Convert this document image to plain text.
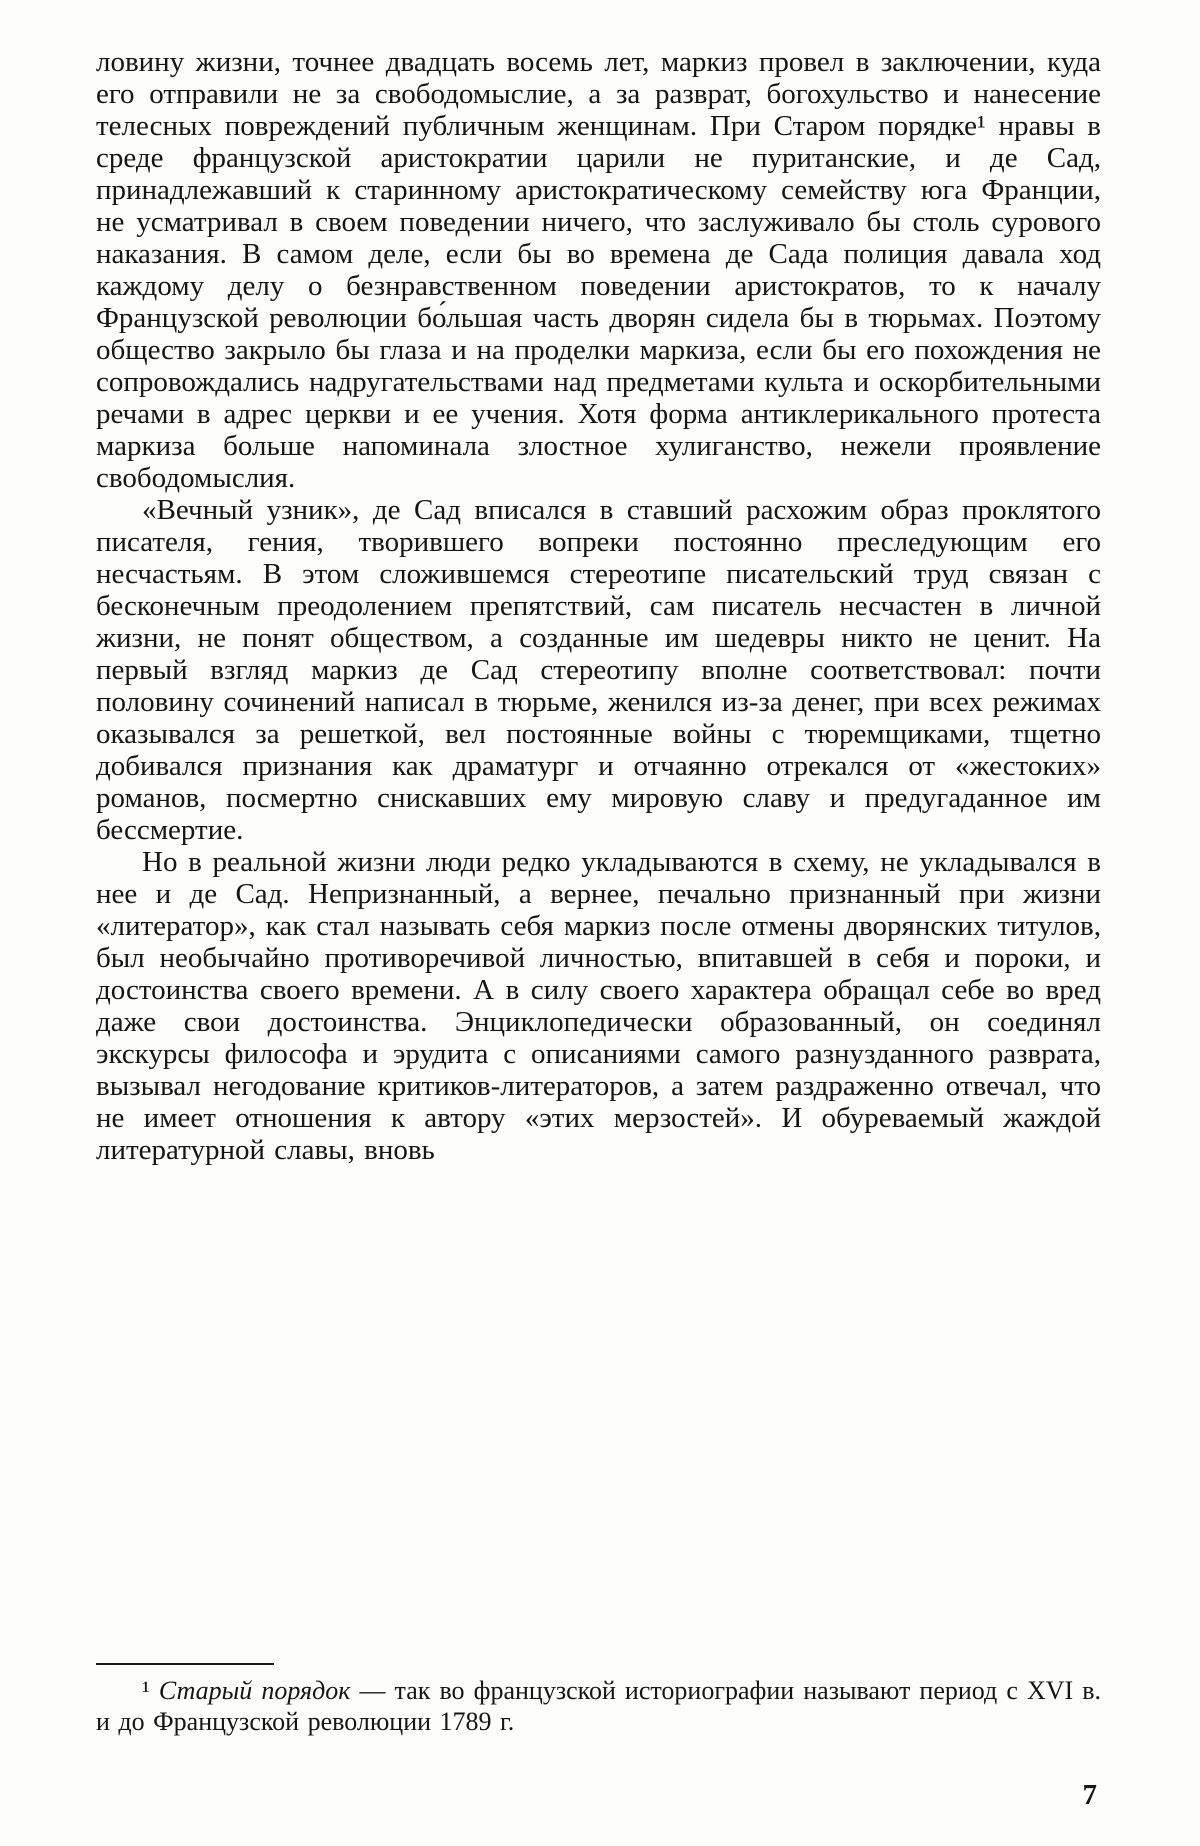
ловину жизни, точнее двадцать восемь лет, маркиз провел в заключении, куда его отправили не за свободомыслие, а за разврат, богохульство и нанесение телесных повреждений публичным женщинам. При Старом порядке¹ нравы в среде французской аристократии царили не пуританские, и де Сад, принадлежавший к старинному аристократическому семейству юга Франции, не усматривал в своем поведении ничего, что заслуживало бы столь сурового наказания. В самом деле, если бы во времена де Сада полиция давала ход каждому делу о безнравственном поведении аристократов, то к началу Французской революции бо́льшая часть дворян сидела бы в тюрьмах. Поэтому общество закрыло бы глаза и на проделки маркиза, если бы его похождения не сопровождались надругательствами над предметами культа и оскорбительными речами в адрес церкви и ее учения. Хотя форма антиклерикального протеста маркиза больше напоминала злостное хулиганство, нежели проявление свободомыслия.

«Вечный узник», де Сад вписался в ставший расхожим образ проклятого писателя, гения, творившего вопреки постоянно преследующим его несчастьям. В этом сложившемся стереотипе писательский труд связан с бесконечным преодолением препятствий, сам писатель несчастен в личной жизни, не понят обществом, а созданные им шедевры никто не ценит. На первый взгляд маркиз де Сад стереотипу вполне соответствовал: почти половину сочинений написал в тюрьме, женился из-за денег, при всех режимах оказывался за решеткой, вел постоянные войны с тюремщиками, тщетно добивался признания как драматург и отчаянно отрекался от «жестоких» романов, посмертно снискавших ему мировую славу и предугаданное им бессмертие.

Но в реальной жизни люди редко укладываются в схему, не укладывался в нее и де Сад. Непризнанный, а вернее, печально признанный при жизни «литератор», как стал называть себя маркиз после отмены дворянских титулов, был необычайно противоречивой личностью, впитавшей в себя и пороки, и достоинства своего времени. А в силу своего характера обращал себе во вред даже свои достоинства. Энциклопедически образованный, он соединял экскурсы философа и эрудита с описаниями самого разнузданного разврата, вызывал негодование критиков-литераторов, а затем раздраженно отвечал, что не имеет отношения к автору «этих мерзостей». И обуреваемый жаждой литературной славы, вновь

¹ Старый порядок — так во французской историографии называют период с XVI в. и до Французской революции 1789 г.

7
